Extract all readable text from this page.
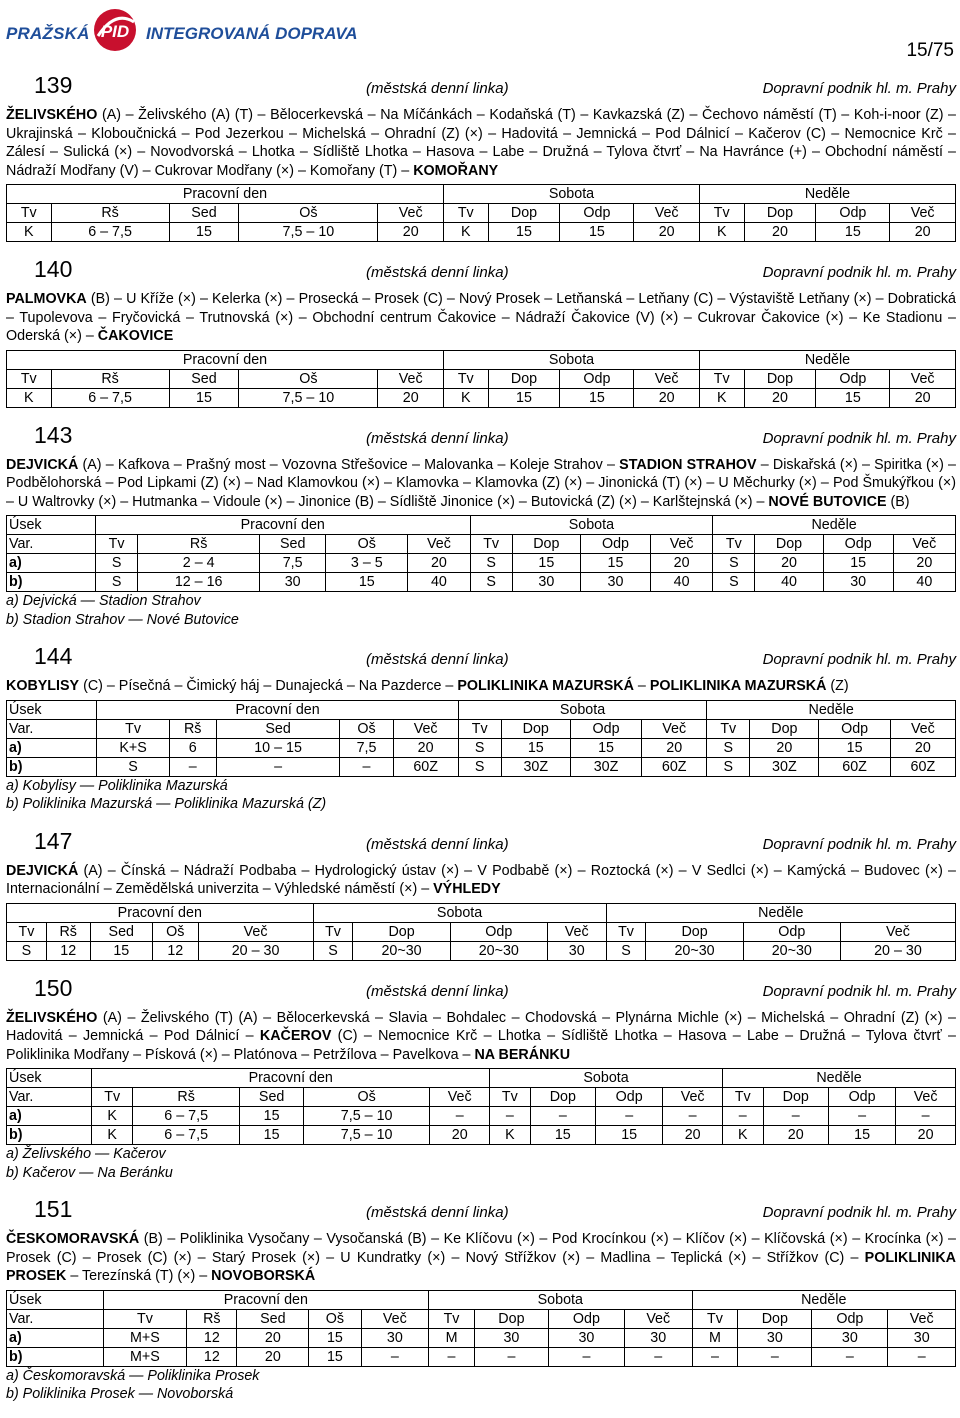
PRAŽSKÁ PID INTEGROVANÁ DOPRAVA
15/75
139	(městská denní linka)	Dopravní podnik hl. m. Prahy
ŽELIVSKÉHO (A) – Želivského (A) (T) – Bělocerkevská – Na Míčánkách – Kodaňská (T) – Kavkazská (Z) – Čechovo náměstí (T) – Koh-i-noor (Z) – Ukrajinská – Kloboučnická – Pod Jezerkou – Michelská – Ohradní (Z) (×) – Hadovitá – Jemnická – Pod Dálnicí – Kačerov (C) – Nemocnice Krč – Zálesí – Sulická (×) – Novodvorská – Lhotka – Sídliště Lhotka – Hasova – Labe – Družná – Tylova čtvrť – Na Havránce (+) – Obchodní náměstí – Nádraží Modřany (V) – Cukrovar Modřany (×) – Komořany (T) – KOMOŘANY
Pracovní den					Sobota				Neděle			
Tv	Rš	Sed	Oš	Več	Tv	Dop	Odp	Več	Tv	Dop	Odp	Več
K	6 – 7,5	15	7,5 – 10	20	K	15	15	20	K	20	15	20
140	(městská denní linka)	Dopravní podnik hl. m. Prahy
PALMOVKA (B) – U Kříže (×) – Kelerka (×) – Prosecká – Prosek (C) – Nový Prosek – Letňanská – Letňany (C) – Výstaviště Letňany (×) – Dobratická – Tupolevova – Fryčovická – Trutnovská (×) – Obchodní centrum Čakovice – Nádraží Čakovice (V) (×) – Cukrovar Čakovice (×) – Ke Stadionu – Oderská (×) – ČAKOVICE
Pracovní den					Sobota				Neděle			
Tv	Rš	Sed	Oš	Več	Tv	Dop	Odp	Več	Tv	Dop	Odp	Več
K	6 – 7,5	15	7,5 – 10	20	K	15	15	20	K	20	15	20
143	(městská denní linka)	Dopravní podnik hl. m. Prahy
DEJVICKÁ (A) – Kafkova – Prašný most – Vozovna Střešovice – Malovanka – Koleje Strahov – STADION STRAHOV – Diskařská (×) – Spiritka (×) – Podbělohorská – Pod Lipkami (Z) (×) – Nad Klamovkou (×) – Klamovka – Klamovka (Z) (×) – Jinonická (T) (×) – U Měchurky (×) – Pod Šmukýřkou (×) – U Waltrovky (×) – Hutmanka – Vidoule (×) – Jinonice (B) – Sídliště Jinonice (×) – Butovická (Z) (×) – Karlštejnská (×) – NOVÉ BUTOVICE (B)
Úsek	Pracovní den					Sobota				Neděle			
Var.	Tv	Rš	Sed	Oš	Več	Tv	Dop	Odp	Več	Tv	Dop	Odp	Več
a)	S	2 – 4	7,5	3 – 5	20	S	15	15	20	S	20	15	20
b)	S	12 – 16	30	15	40	S	30	30	40	S	40	30	40
a) Dejvická — Stadion Strahov
b) Stadion Strahov — Nové Butovice
144	(městská denní linka)	Dopravní podnik hl. m. Prahy
KOBYLISY (C) – Písečná – Čimický háj – Dunajecká – Na Pazderce – POLIKLINIKA MAZURSKÁ – POLIKLINIKA MAZURSKÁ (Z)
Úsek	Pracovní den					Sobota				Neděle			
Var.	Tv	Rš	Sed	Oš	Več	Tv	Dop	Odp	Več	Tv	Dop	Odp	Več
a)	K+S	6	10 – 15	7,5	20	S	15	15	20	S	20	15	20
b)	S	–	–	–	60Z	S	30Z	30Z	60Z	S	30Z	60Z	60Z
a) Kobylisy — Poliklinika Mazurská
b) Poliklinika Mazurská — Poliklinika Mazurská (Z)
147	(městská denní linka)	Dopravní podnik hl. m. Prahy
DEJVICKÁ (A) – Čínská – Nádraží Podbaba – Hydrologický ústav (×) – V Podbabě (×) – Roztocká (×) – V Sedlci (×) – Kamýcká – Budovec (×) – Internacionální – Zemědělská univerzita – Výhledské náměstí (×) – VÝHLEDY
Pracovní den					Sobota				Neděle			
Tv	Rš	Sed	Oš	Več	Tv	Dop	Odp	Več	Tv	Dop	Odp	Več
S	12	15	12	20 – 30	S	20~30	20~30	30	S	20~30	20~30	20 – 30
150	(městská denní linka)	Dopravní podnik hl. m. Prahy
ŽELIVSKÉHO (A) – Želivského (T) (A) – Bělocerkevská – Slavia – Bohdalec – Chodovská – Plynárna Michle (×) – Michelská – Ohradní (Z) (×) – Hadovitá – Jemnická – Pod Dálnicí – KAČEROV (C) – Nemocnice Krč – Lhotka – Sídliště Lhotka – Hasova – Labe – Družná – Tylova čtvrť – Poliklinika Modřany – Písková (×) – Platónova – Petržílova – Pavelkova – NA BERÁNKU
Úsek	Pracovní den					Sobota				Neděle			
Var.	Tv	Rš	Sed	Oš	Več	Tv	Dop	Odp	Več	Tv	Dop	Odp	Več
a)	K	6 – 7,5	15	7,5 – 10	–	–	–	–	–	–	–	–	–
b)	K	6 – 7,5	15	7,5 – 10	20	K	15	15	20	K	20	15	20
a) Želivského — Kačerov
b) Kačerov — Na Beránku
151	(městská denní linka)	Dopravní podnik hl. m. Prahy
ČESKOMORAVSKÁ (B) – Poliklinika Vysočany – Vysočanská (B) – Ke Klíčovu (×) – Pod Krocínkou (×) – Klíčov (×) – Klíčovská (×) – Krocínka (×) – Prosek (C) – Prosek (C) (×) – Starý Prosek (×) – U Kundratky (×) – Nový Střížkov (×) – Madlina – Teplická (×) – Střížkov (C) – POLIKLINIKA PROSEK – Terezínská (T) (×) – NOVOBORSKÁ
Úsek	Pracovní den					Sobota				Neděle			
Var.	Tv	Rš	Sed	Oš	Več	Tv	Dop	Odp	Več	Tv	Dop	Odp	Več
a)	M+S	12	20	15	30	M	30	30	30	M	30	30	30
b)	M+S	12	20	15	–	–	–	–	–	–	–	–	–
a) Českomoravská — Poliklinika Prosek
b) Poliklinika Prosek — Novoborská
